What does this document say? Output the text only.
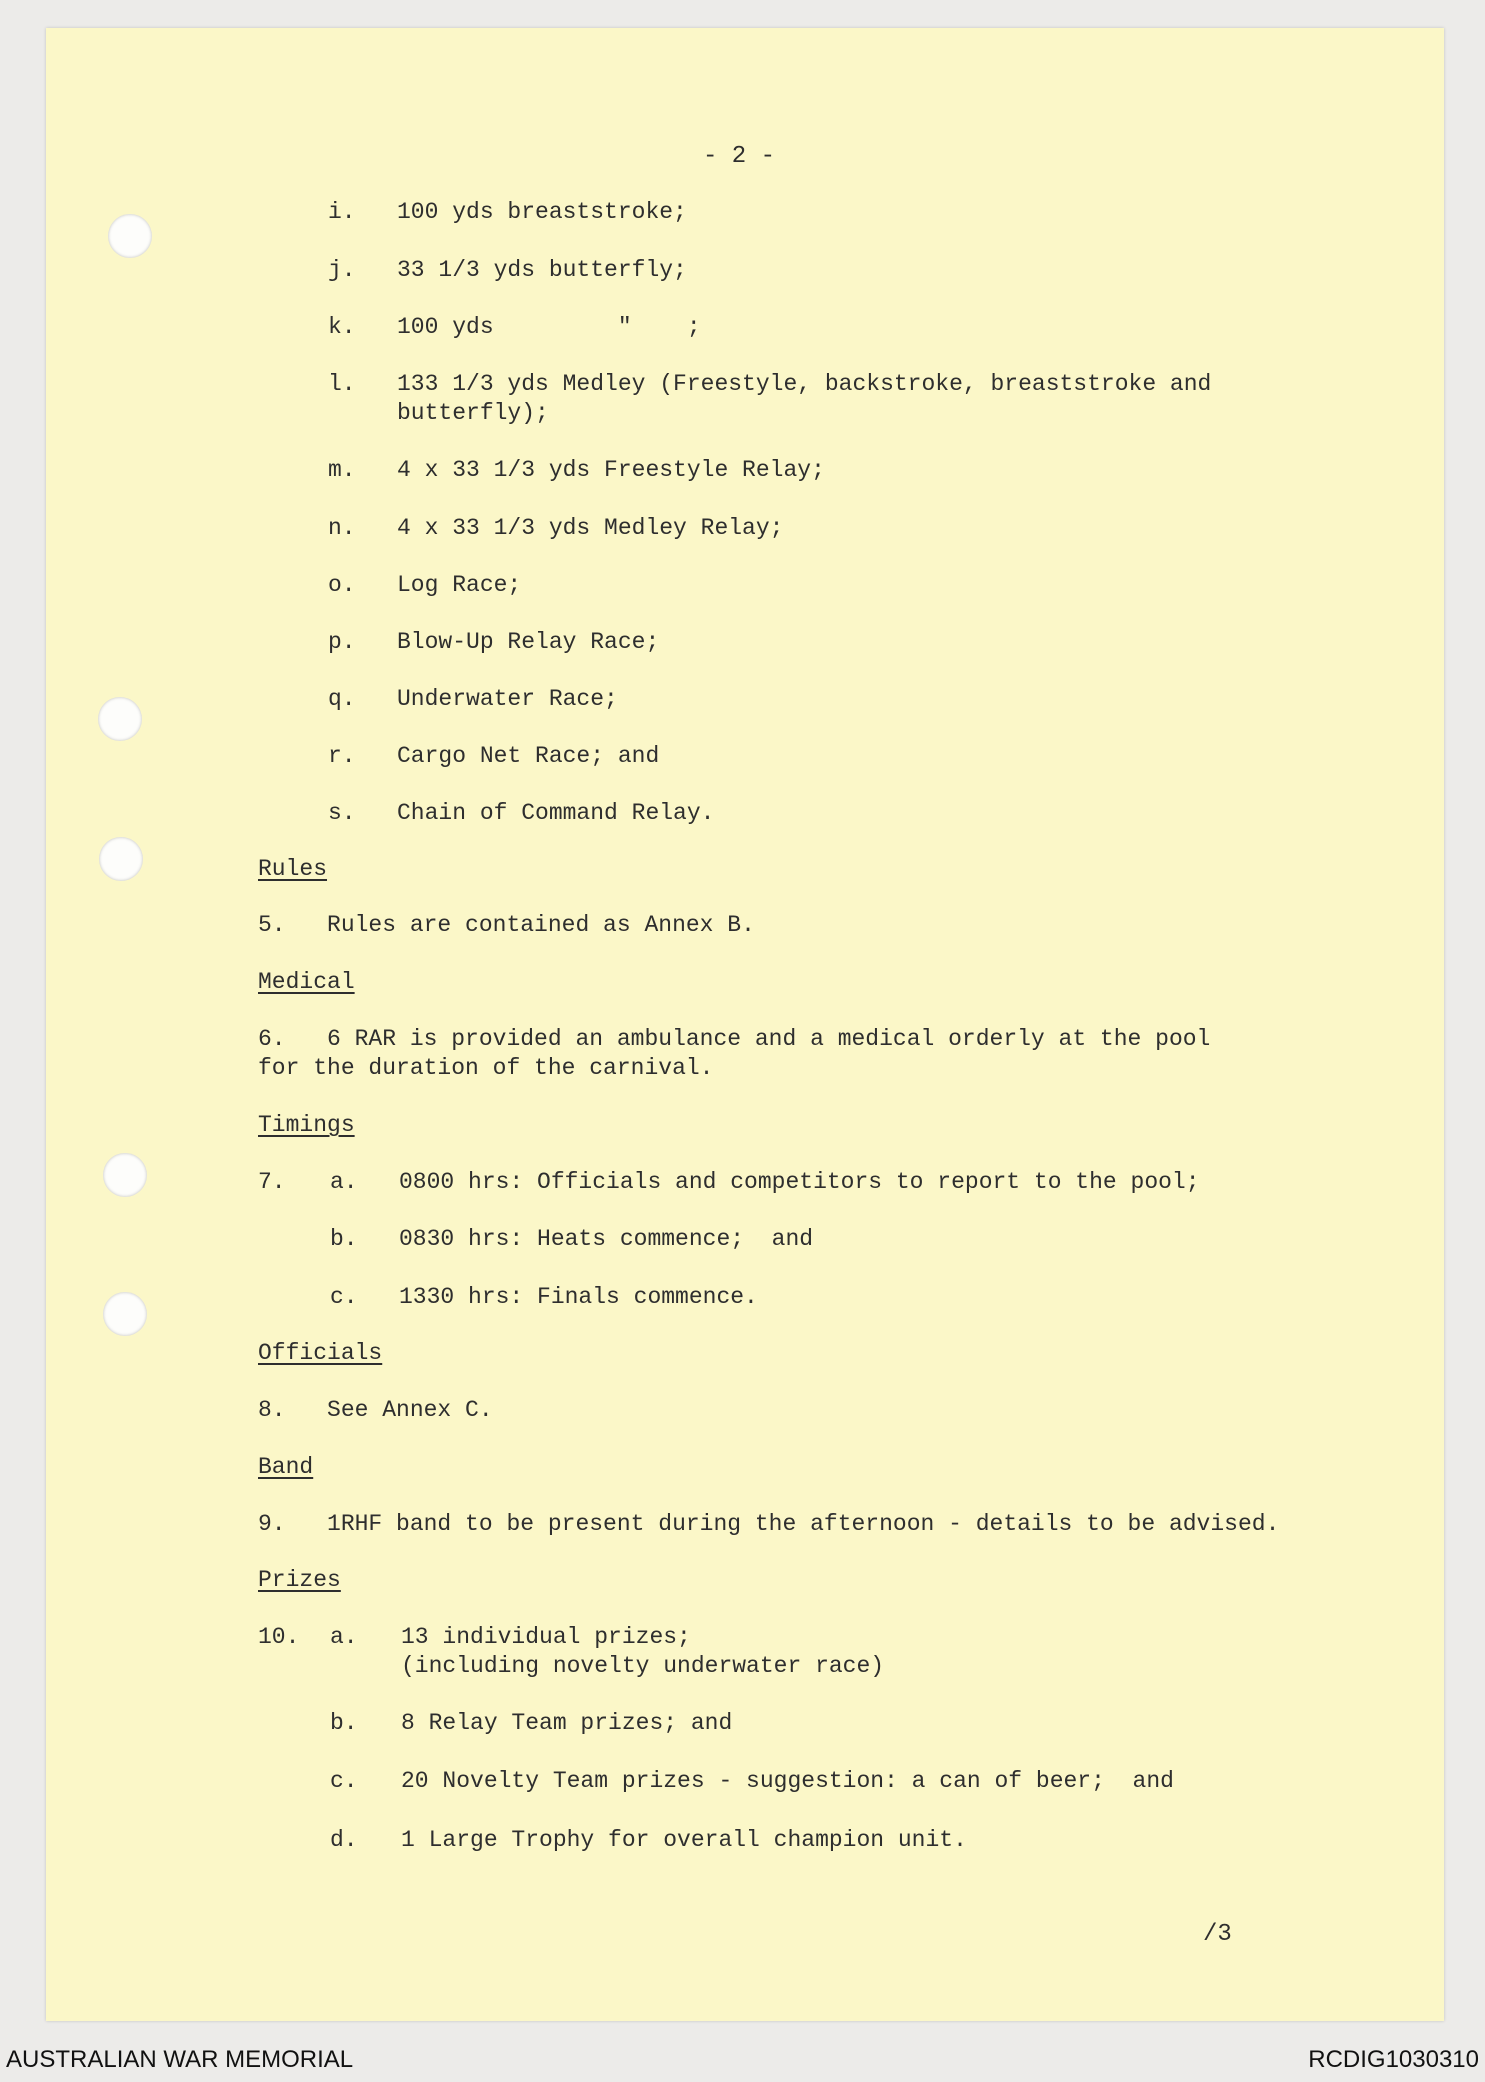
- 2 -

i. 100 yds breaststroke;

j. 33 1/3 yds butterfly;

k. 100 yds         "    ;

l. 133 1/3 yds Medley (Freestyle, backstroke, breaststroke and

butterfly);

m. 4 x 33 1/3 yds Freestyle Relay;

n. 4 x 33 1/3 yds Medley Relay;

o. Log Race;

p. Blow-Up Relay Race;

q. Underwater Race;

r. Cargo Net Race; and

s. Chain of Command Relay.

Rules

5.   Rules are contained as Annex B.

Medical

6.   6 RAR is provided an ambulance and a medical orderly at the pool

for the duration of the carnival.

Timings

7. a. 0800 hrs: Officials and competitors to report to the pool;

b. 0830 hrs: Heats commence;  and

c. 1330 hrs: Finals commence.

Officials

8.   See Annex C.

Band

9.   1RHF band to be present during the afternoon - details to be advised.

Prizes

10. a. 13 individual prizes;

(including novelty underwater race)

b. 8 Relay Team prizes; and

c. 20 Novelty Team prizes - suggestion: a can of beer;  and

d. 1 Large Trophy for overall champion unit.

/3

AUSTRALIAN WAR MEMORIAL	RCDIG1030310
